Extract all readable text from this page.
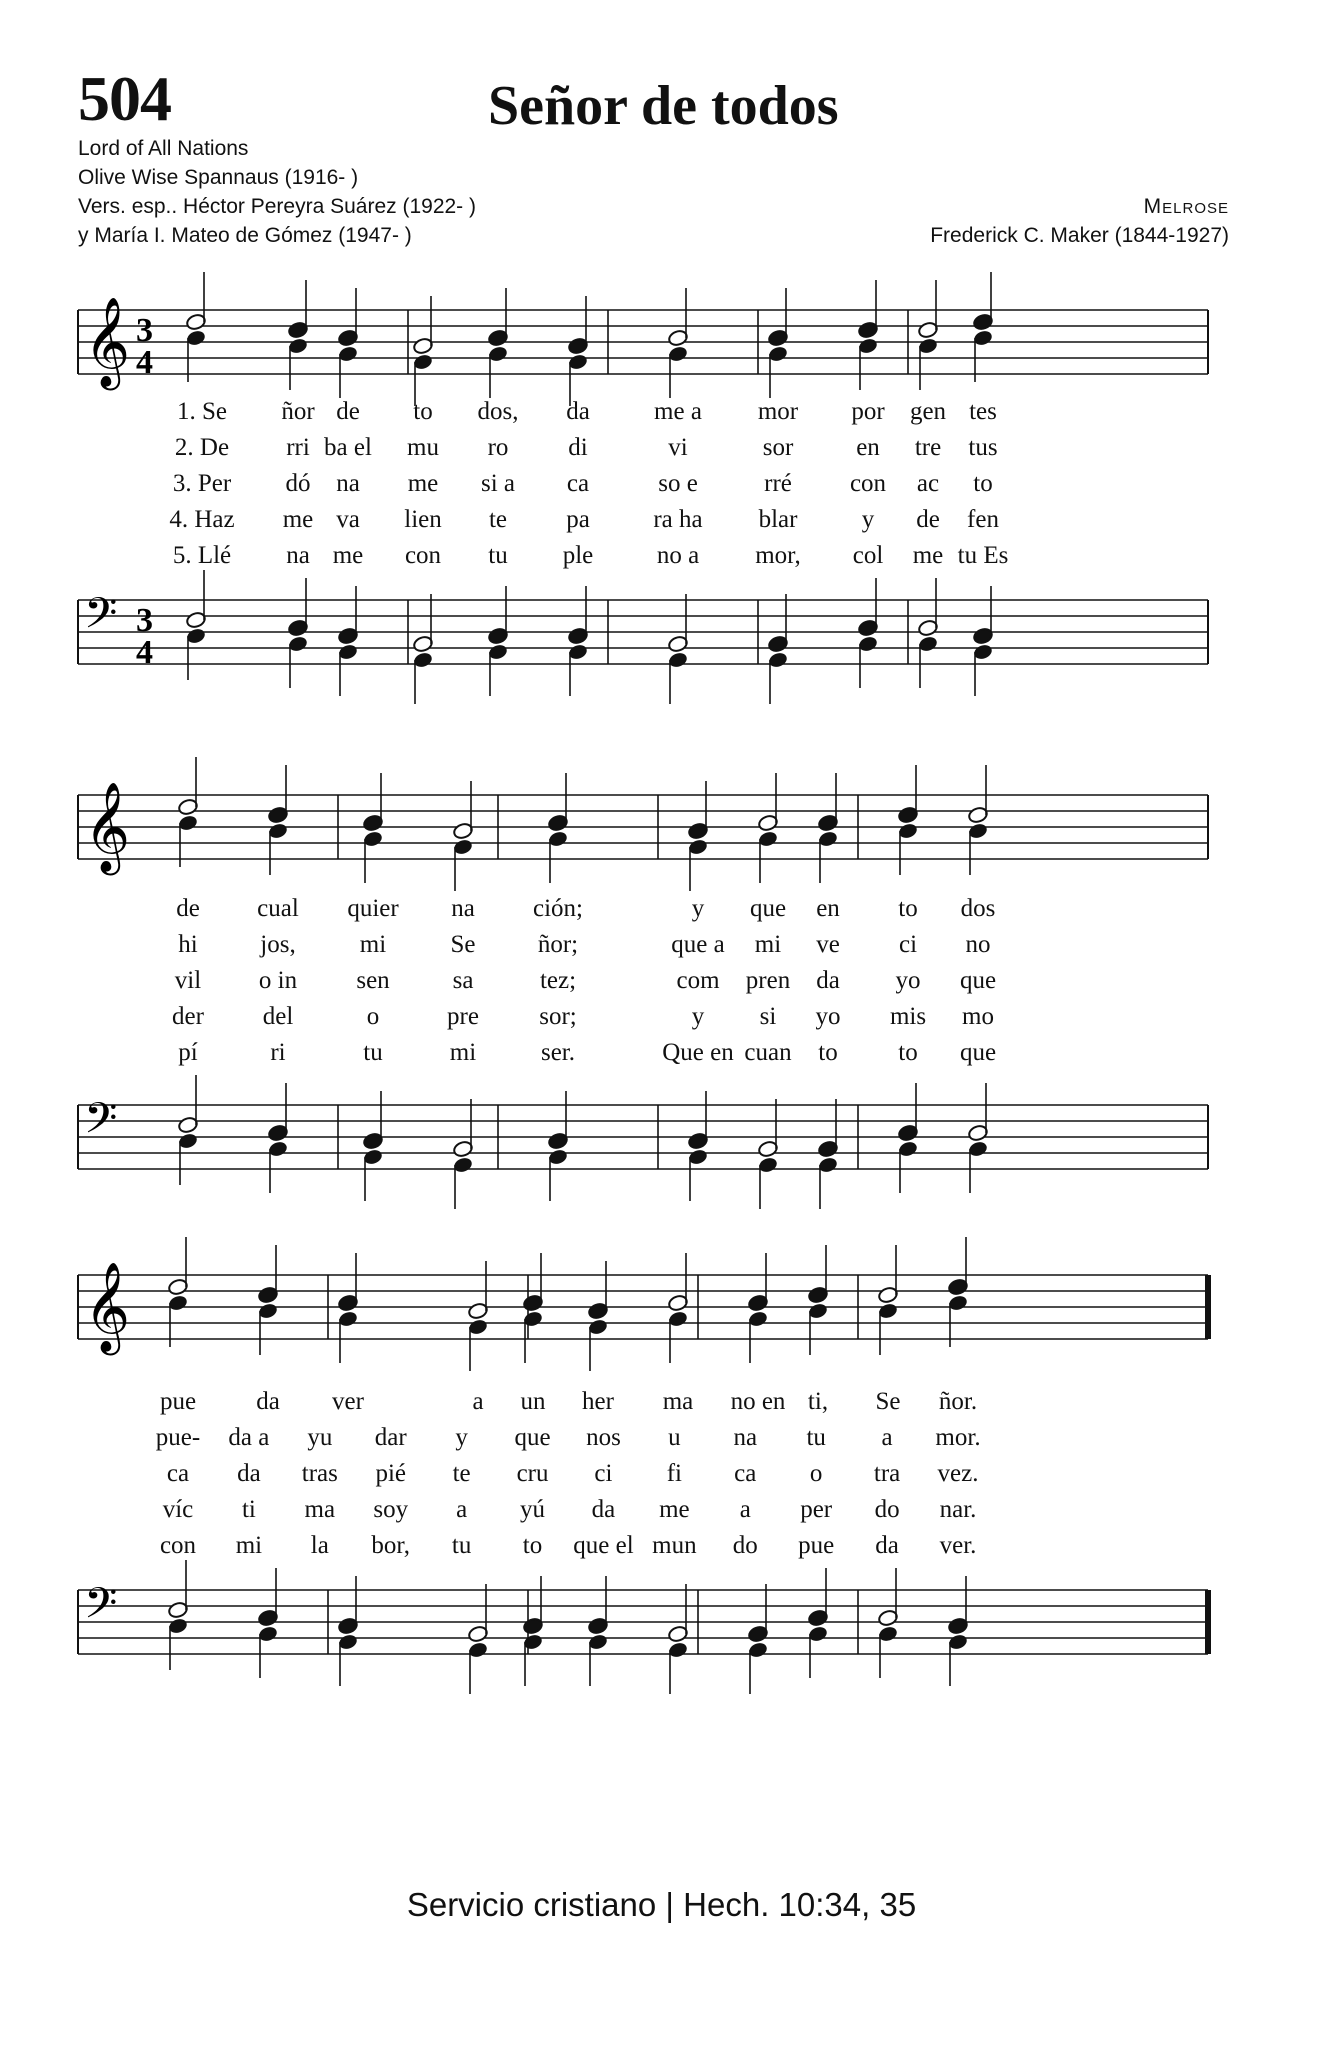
504	Señor de todos
Lord of All Nations
Olive Wise Spannaus (1916- )
Vers. esp.. Héctor Pereyra Suárez (1922- )
y María I. Mateo de Gómez (1947- )
Melrose
Frederick C. Maker (1844-1927)
𝄞 3
4
1. Se ñor de to dos, da	me a mor por gen tes
2. De rri ba el mu ro di	vi	sor	en tre tus
3. Per dó na me si a ca	so e	rré con ac to
4. Haz me va lien te pa	ra ha blar	y de fen
5. Llé na me con tu ple	no a mor, col me tu Es
𝄢 3
4
𝄞
de cual quier na ción;	y que en to dos
hi	jos,	mi	Se ñor;	que a mi ve ci no
vil o in sen	sa	tez;	com pren da yo que
der del	o	pre sor;	y si yo mis mo
pí	ri	tu	mi	ser.	Que en cuan to to que
𝄢
𝄞
pue da ver	a un her ma no en ti, Se ñor.
pue- da a yu dar y que nos u na tu a mor.
ca da tras pié te cru ci fi ca o tra vez.
víc ti ma soy a yú da me a per do nar.
con mi la bor, tu to que el mun do pue da ver.
𝄢
Servicio cristiano | Hech. 10:34, 35
